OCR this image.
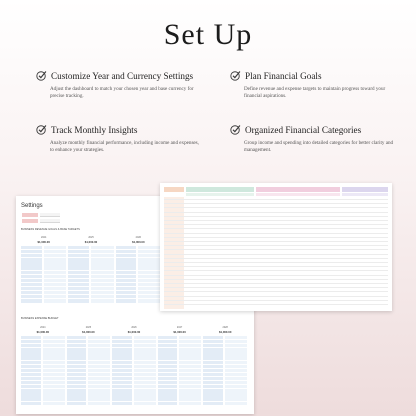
Set Up
Customize Year and Currency Settings
Adjust the dashboard to match your chosen year and base currency for precise tracking.
Plan Financial Goals
Define revenue and expense targets to maintain progress toward your financial aspirations.
Track Monthly Insights
Analyze monthly financial performance, including income and expenses, to enhance your strategies.
Organized Financial Categories
Group income and spending into detailed categories for better clarity and management.
Settings
BUSINESS REVENUE GOALS & BASE TARGETS
2024	2025	2026
$1,000.00	$1,000.00	$1,000.00
BUSINESS EXPENSE BUDGET
2024	2025	2026	2027	2028
$1,000.00	$1,000.00	$1,000.00	$1,000.00	$1,000.00
